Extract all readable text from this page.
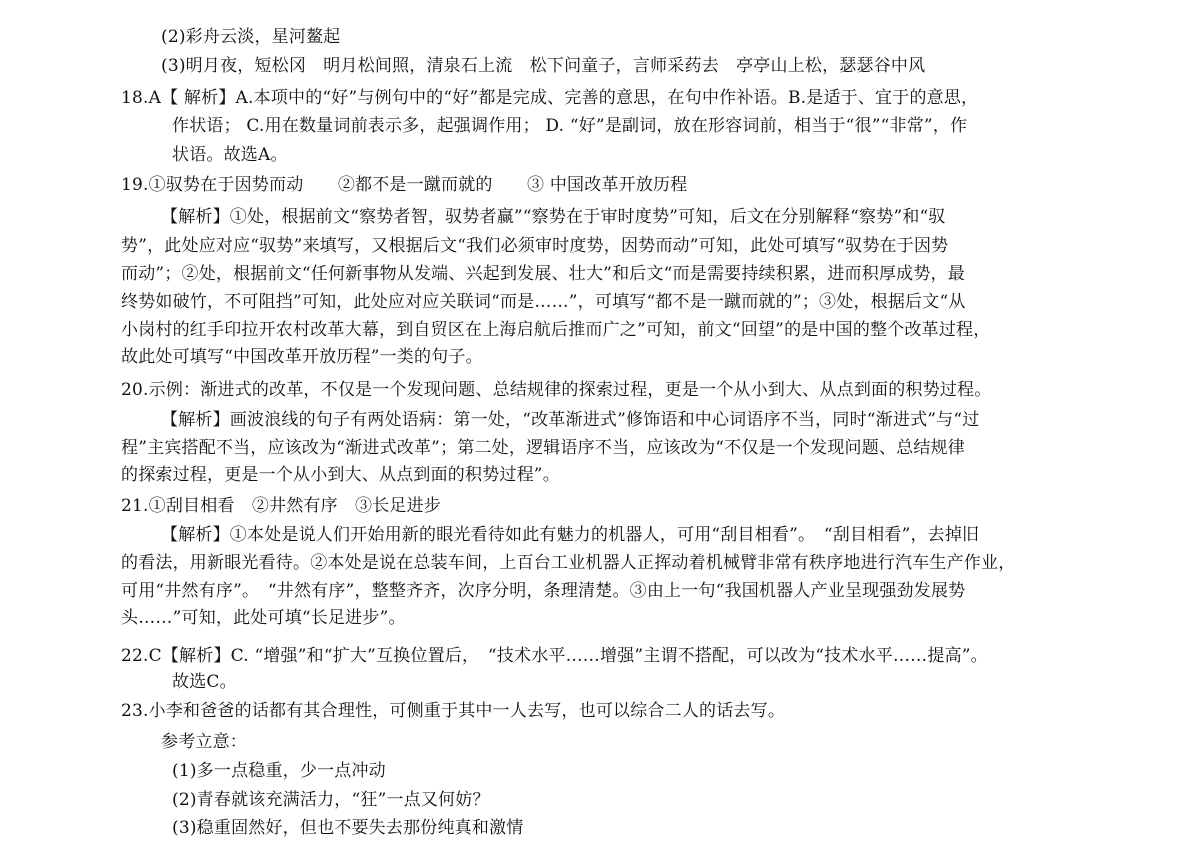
(2)彩舟云淡，星河鳌起
(3)明月夜，短松冈　明月松间照，清泉石上流　松下问童子，言师采药去　亭亭山上松，瑟瑟谷中风
18.A【 解析】A.本项中的“好”与例句中的“好”都是完成、完善的意思，在句中作补语。B.是适于、宜于的意思，
作状语； C.用在数量词前表示多，起强调作用； D. “好”是副词，放在形容词前，相当于“很”“非常”，作
状语。故选A。
19.①驭势在于因势而动　　②都不是一蹴而就的　　③ 中国改革开放历程
【解析】①处，根据前文“察势者智，驭势者赢”“察势在于审时度势”可知，后文在分别解释“察势”和“驭
势”，此处应对应“驭势”来填写，又根据后文“我们必须审时度势，因势而动”可知，此处可填写“驭势在于因势
而动”；②处，根据前文“任何新事物从发端、兴起到发展、壮大”和后文“而是需要持续积累，进而积厚成势，最
终势如破竹，不可阻挡”可知，此处应对应关联词“而是……”，可填写“都不是一蹴而就的”；③处，根据后文“从
小岗村的红手印拉开农村改革大幕，到自贸区在上海启航后推而广之”可知，前文“回望”的是中国的整个改革过程，
故此处可填写“中国改革开放历程”一类的句子。
20.示例：渐进式的改革，不仅是一个发现问题、总结规律的探索过程，更是一个从小到大、从点到面的积势过程。
【解析】画波浪线的句子有两处语病：第一处，“改革渐进式”修饰语和中心词语序不当，同时“渐进式”与“过
程”主宾搭配不当，应该改为“渐进式改革”；第二处，逻辑语序不当，应该改为“不仅是一个发现问题、总结规律
的探索过程，更是一个从小到大、从点到面的积势过程”。
21.①刮目相看　②井然有序　③长足进步
【解析】①本处是说人们开始用新的眼光看待如此有魅力的机器人，可用“刮目相看”。　“刮目相看”，去掉旧
的看法，用新眼光看待。②本处是说在总装车间，上百台工业机器人正挥动着机械臂非常有秩序地进行汽车生产作业，
可用“井然有序”。　“井然有序”，整整齐齐，次序分明，条理清楚。③由上一句“我国机器人产业呈现强劲发展势
头……”可知，此处可填“长足进步”。
22.C【解析】C. “增强”和“扩大”互换位置后，　“技术水平……增强”主谓不搭配，可以改为“技术水平……提高”。
故选C。
23.小李和爸爸的话都有其合理性，可侧重于其中一人去写，也可以综合二人的话去写。
参考立意：
(1)多一点稳重，少一点冲动
(2)青春就该充满活力，“狂”一点又何妨？
(3)稳重固然好，但也不要失去那份纯真和激情
